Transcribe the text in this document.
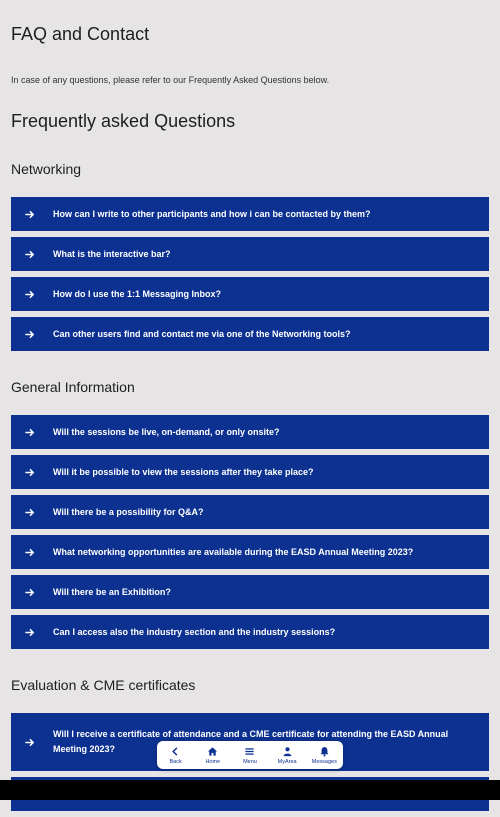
FAQ and Contact

In case of any questions, please refer to our Frequently Asked Questions below.

Frequently asked Questions
Networking
How can I write to other participants and how i can be contacted by them?
What is the interactive bar?
How do I use the 1:1 Messaging Inbox?
Can other users find and contact me via one of the Networking tools?
General Information
Will the sessions be live, on-demand, or only onsite?
Will it be possible to view the sessions after they take place?
Will there be a possibility for Q&A?
What networking opportunities are available during the EASD Annual Meeting 2023?
Will there be an Exhibition?
Can I access also the industry section and the industry sessions?
Evaluation & CME certificates
Will I receive a certificate of attendance and a CME certificate for attending the EASD Annual Meeting 2023?
Back	Home	Menu	MyArea	Messages
